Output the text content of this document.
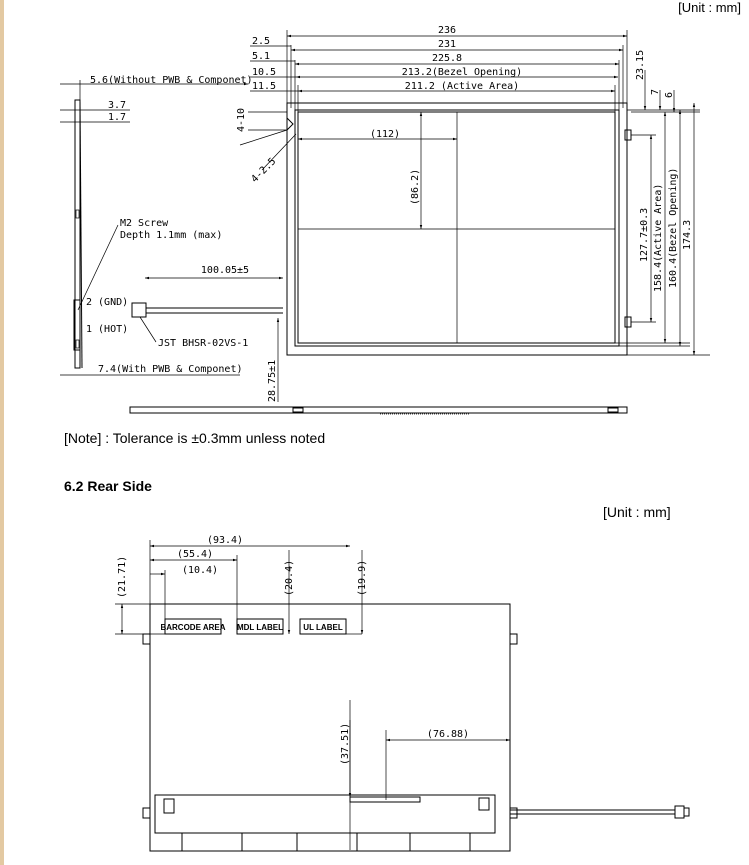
[Unit : mm]
236
231
225.8
213.2(Bezel Opening)
211.2 (Active Area)
2.5
5.1
10.5
11.5
23.15
7 6
4-10
4-2.5
(112)
(86.2)
127.7±0.3 158.4(Active Area) 160.4(Bezel Opening) 174.3
5.6(Without PWB & Componet)
3.7
1.7
M2 Screw
Depth 1.1mm (max)
100.05±5
2 (GND)
1 (HOT)
JST BHSR-02VS-1
7.4(With PWB & Componet) 28.75±1
BARCODE AREA MDL LABEL	UL LABEL
(93.4)
(55.4)
(10.4)
(21.71)	(20.4)	(19.9)
(37.51)	(76.88)
[Note] : Tolerance is ±0.3mm unless noted
6.2 Rear Side
[Unit : mm]
